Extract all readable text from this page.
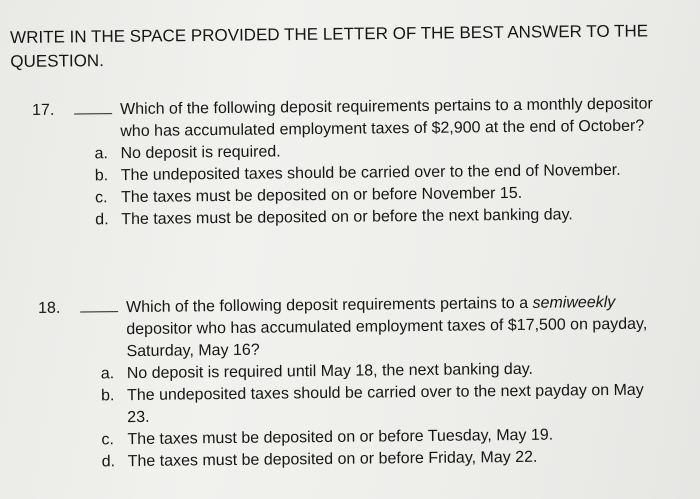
WRITE IN THE SPACE PROVIDED THE LETTER OF THE BEST ANSWER TO THE QUESTION.
17.	Which of the following deposit requirements pertains to a monthly depositor who has accumulated employment taxes of $2,900 at the end of October?
a. No deposit is required.
b. The undeposited taxes should be carried over to the end of November.
c. The taxes must be deposited on or before November 15.
d. The taxes must be deposited on or before the next banking day.
18.	Which of the following deposit requirements pertains to a semiweekly depositor who has accumulated employment taxes of $17,500 on payday, Saturday, May 16?
a. No deposit is required until May 18, the next banking day.
b. The undeposited taxes should be carried over to the next payday on May 23.
c. The taxes must be deposited on or before Tuesday, May 19.
d. The taxes must be deposited on or before Friday, May 22.
